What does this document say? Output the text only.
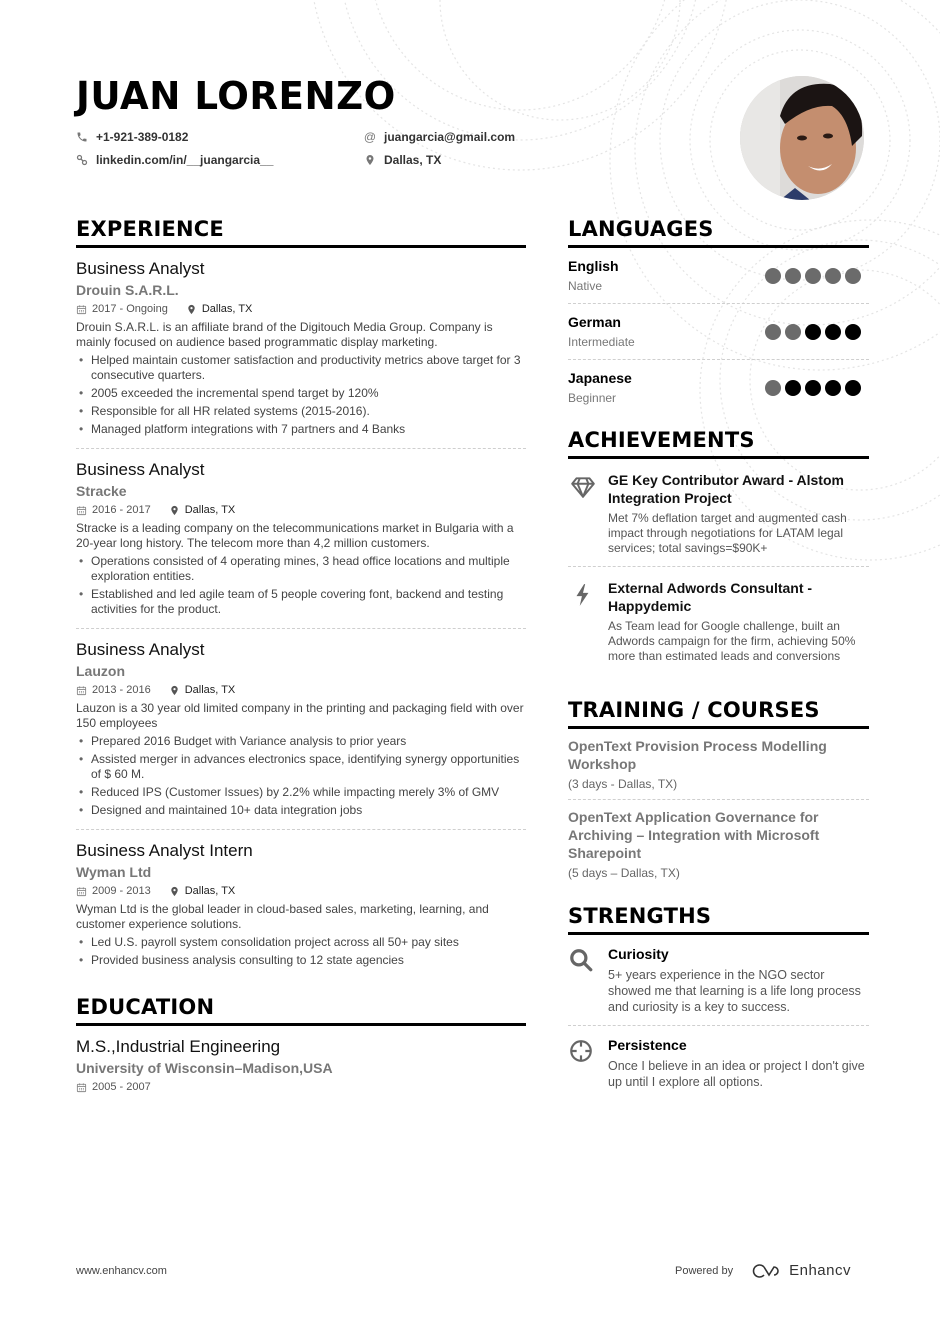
JUAN LORENZO
+1-921-389-0182
linkedin.com/in/__juangarcia__
@ juangarcia@gmail.com
Dallas, TX
EXPERIENCE
Business Analyst
Drouin S.A.R.L.
2017 - Ongoing	Dallas, TX
Drouin S.A.R.L. is an affiliate brand of the Digitouch Media Group. Company is mainly focused on audience based programmatic display marketing.
• Helped maintain customer satisfaction and productivity metrics above target for 3 consecutive quarters.
• 2005 exceeded the incremental spend target by 120%
• Responsible for all HR related systems (2015-2016).
• Managed platform integrations with 7 partners and 4 Banks
Business Analyst
Stracke
2016 - 2017	Dallas, TX
Stracke is a leading company on the telecommunications market in Bulgaria with a 20-year long history. The telecom more than 4,2 million customers.
• Operations consisted of 4 operating mines, 3 head office locations and multiple exploration entities.
• Established and led agile team of 5 people covering font, backend and testing activities for the product.
Business Analyst
Lauzon
2013 - 2016	Dallas, TX
Lauzon is a 30 year old limited company in the printing and packaging field with over 150 employees
• Prepared 2016 Budget with Variance analysis to prior years
• Assisted merger in advances electronics space, identifying synergy opportunities of $ 60 M.
• Reduced IPS (Customer Issues) by 2.2% while impacting merely 3% of GMV
• Designed and maintained 10+ data integration jobs
Business Analyst Intern
Wyman Ltd
2009 - 2013	Dallas, TX
Wyman Ltd is the global leader in cloud-based sales, marketing, learning, and customer experience solutions.
• Led U.S. payroll system consolidation project across all 50+ pay sites
• Provided business analysis consulting to 12 state agencies
EDUCATION
M.S.,Industrial Engineering
University of Wisconsin–Madison,USA
2005 - 2007
LANGUAGES
English
Native
German
Intermediate
Japanese
Beginner
ACHIEVEMENTS
GE Key Contributor Award - Alstom Integration Project
Met 7% deflation target and augmented cash impact through negotiations for LATAM legal services; total savings=$90K+
External Adwords Consultant - Happydemic
As Team lead for Google challenge, built an Adwords campaign for the firm, achieving 50% more than estimated leads and conversions
TRAINING / COURSES
OpenText Provision Process Modelling Workshop
(3 days - Dallas, TX)
OpenText Application Governance for Archiving – Integration with Microsoft Sharepoint
(5 days – Dallas, TX)
STRENGTHS
Curiosity
5+ years experience in the NGO sector showed me that learning is a life long process and curiosity is a key to success.
Persistence
Once I believe in an idea or project I don't give up until I explore all options.
www.enhancv.com	Powered by	Enhancv
